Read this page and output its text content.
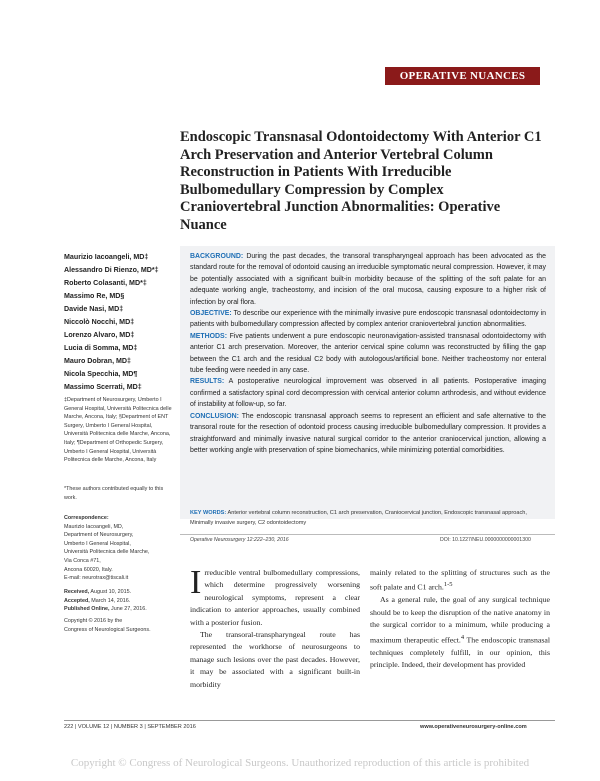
OPERATIVE NUANCES
Endoscopic Transnasal Odontoidectomy With Anterior C1 Arch Preservation and Anterior Vertebral Column Reconstruction in Patients With Irreducible Bulbomedullary Compression by Complex Craniovertebral Junction Abnormalities: Operative Nuance
Maurizio Iacoangeli, MD‡
Alessandro Di Rienzo, MD*‡
Roberto Colasanti, MD*‡
Massimo Re, MD§
Davide Nasi, MD‡
Niccolò Nocchi, MD‡
Lorenzo Alvaro, MD‡
Lucia di Somma, MD‡
Mauro Dobran, MD‡
Nicola Specchia, MD¶
Massimo Scerrati, MD‡
‡Department of Neurosurgery, Umberto I General Hospital, Università Politecnica delle Marche, Ancona, Italy; §Department of ENT Surgery, Umberto I General Hospital, Università Politecnica delle Marche, Ancona, Italy; ¶Department of Orthopedic Surgery, Umberto I General Hospital, Università Politecnica delle Marche, Ancona, Italy
*These authors contributed equally to this work.
Correspondence:
Maurizio Iacoangeli, MD,
Department of Neurosurgery,
Umberto I General Hospital,
Università Politecnica delle Marche,
Via Conca #71,
Ancona 60020, Italy.
E-mail: neurotrax@tiscali.it
Received, August 10, 2015.
Accepted, March 14, 2016.
Published Online, June 27, 2016.
Copyright © 2016 by the
Congress of Neurological Surgeons.

BACKGROUND: During the past decades, the transoral transpharyngeal approach has been advocated as the standard route for the removal of odontoid causing an irreducible symptomatic neural compression. However, it may be potentially associated with a significant built-in morbidity because of the splitting of the soft palate for an adequate working angle, tracheostomy, and incision of the oral mucosa, causing exposure to a higher risk of infection by oral flora.

OBJECTIVE: To describe our experience with the minimally invasive pure endoscopic transnasal odontoidectomy in patients with bulbomedullary compression affected by complex anterior craniovertebral junction abnormalities.

METHODS: Five patients underwent a pure endoscopic neuronavigation-assisted transnasal odontoidectomy with anterior C1 arch preservation. Moreover, the anterior cervical spine column was reconstructed by filling the gap between the C1 arch and the residual C2 body with autologous/artificial bone. Neither tracheostomy nor enteral tube feeding were needed in any case.

RESULTS: A postoperative neurological improvement was observed in all patients. Postoperative imaging confirmed a satisfactory spinal cord decompression with cervical anterior column arthrodesis, and without evidence of instability at follow-up, so far.

CONCLUSION: The endoscopic transnasal approach seems to represent an efficient and safe alternative to the transoral route for the resection of odontoid process causing irreducible bulbomedullary compression. It provides a straightforward and minimally invasive natural surgical corridor to the anterior craniocervical junction, allowing a better working angle with preservation of spine biomechanics, while minimizing potential comorbidities.

KEY WORDS: Anterior vertebral column reconstruction, C1 arch preservation, Craniocervical junction, Endoscopic transnasal approach, Minimally invasive surgery, C2 odontoidectomy
Operative Neurosurgery 12:222–230, 2016	DOI: 10.1227/NEU.0000000000001300

Irreducible ventral bulbomedullary compressions, which determine progressively worsening neurological symptoms, represent a clear indication to anterior approaches, usually combined with a posterior fusion.

The transoral-transpharyngeal route has represented the workhorse of neurosurgeons to manage such lesions over the past decades. However, it may be associated with a significant built-in morbidity

mainly related to the splitting of structures such as the soft palate and C1 arch.$^{1-5}$

As a general rule, the goal of any surgical technique should be to keep the disruption of the native anatomy in the surgical corridor to a minimum, while producing a maximum therapeutic effect.$^4$ The endoscopic transnasal techniques completely fulfill, in our opinion, this principle. Indeed, their development has provided

222 | VOLUME 12 | NUMBER 3 | SEPTEMBER 2016	www.operativeneurosurgery-online.com
Copyright © Congress of Neurological Surgeons. Unauthorized reproduction of this article is prohibited
